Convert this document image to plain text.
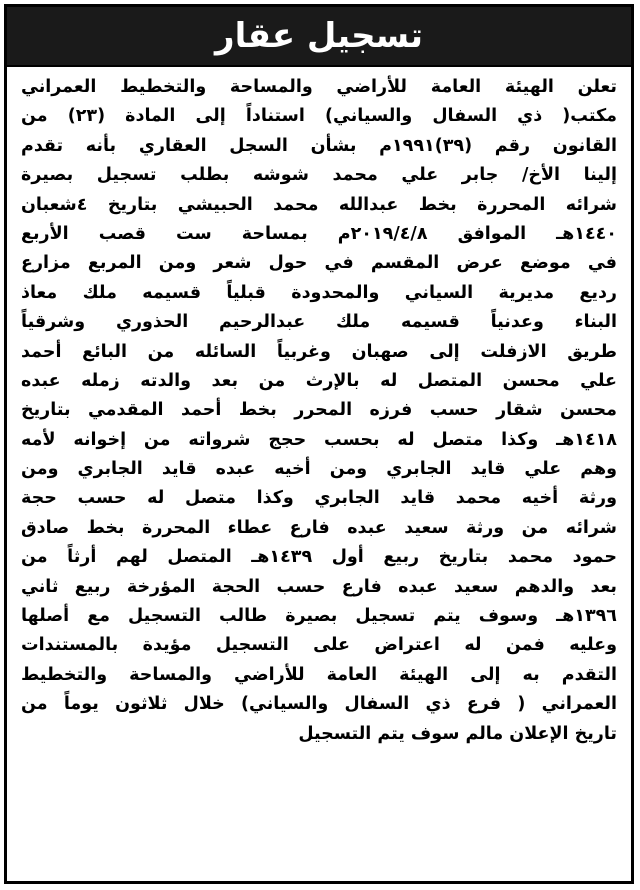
تسجيل عقار
تعلن الهيئة العامة للأراضي والمساحة والتخطيط العمراني
مكتب( ذي السفال والسياني) استناداً إلى المادة (٢٣) من
القانون رقم (٣٩)١٩٩١م بشأن السجل العقاري بأنه تقدم
إلينا الأخ/ جابر علي محمد شوشه بطلب تسجيل بصيرة
شرائه المحررة بخط عبدالله محمد الحبيشي بتاريخ ٤شعبان
١٤٤٠هـ الموافق ٢٠١٩/٤/٨م بمساحة ست قصب الأربع
في موضع عرض المقسم في حول شعر ومن المربع مزارع
رديع مديرية السياني والمحدودة قبلياً قسيمه ملك معاذ
البناء وعدنياً قسيمه ملك عبدالرحيم الحذوري وشرقياً
طريق الازفلت إلى صهبان وغربياً السائله من البائع أحمد
علي محسن المتصل له بالإرث من بعد والدته زمله عبده
محسن شقار حسب فرزه المحرر بخط أحمد المقدمي بتاريخ
١٤١٨هـ وكذا متصل له بحسب حجج شرواته من إخوانه لأمه
وهم علي قايد الجابري ومن أخيه عبده قايد الجابري ومن
ورثة أخيه محمد قايد الجابري وكذا متصل له حسب حجة
شرائه من ورثة سعيد عبده فارع عطاء المحررة بخط صادق
حمود محمد بتاريخ ربيع أول ١٤٣٩هـ المتصل لهم أرثاً من
بعد والدهم سعيد عبده فارع حسب الحجة المؤرخة ربيع ثاني
١٣٩٦هـ وسوف يتم تسجيل بصيرة طالب التسجيل مع أصلها
وعليه فمن له اعتراض على التسجيل مؤيدة بالمستندات
التقدم به إلى الهيئة العامة للأراضي والمساحة والتخطيط
العمراني ( فرع ذي السفال والسياني) خلال ثلاثون يوماً من
تاريخ الإعلان مالم سوف يتم التسجيل
